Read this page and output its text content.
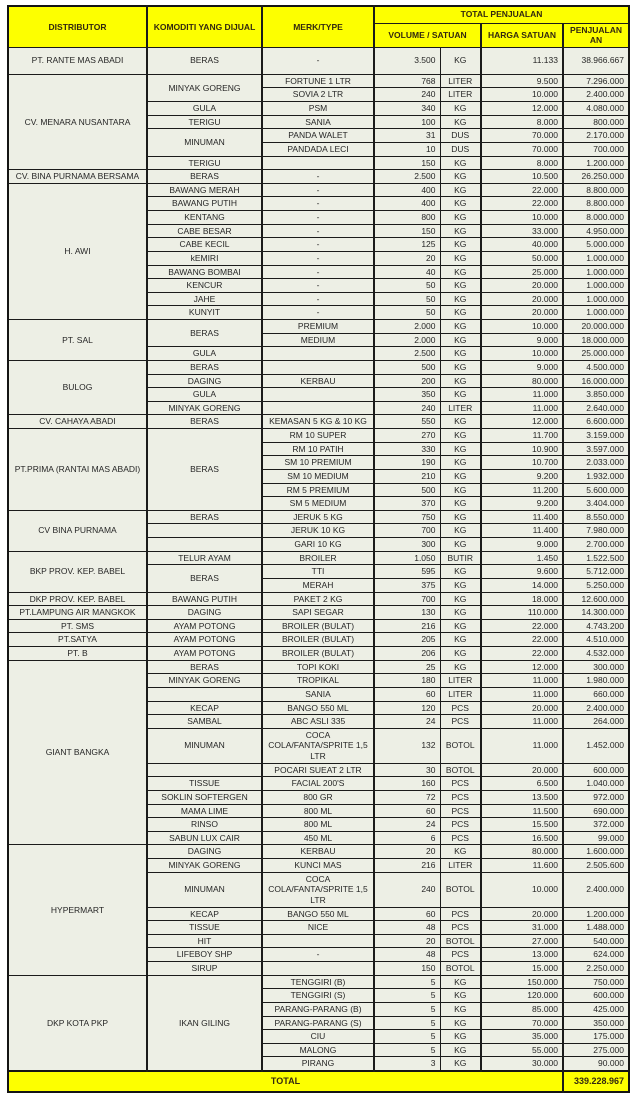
DISTRIBUTOR	KOMODITI YANG DIJUAL	MERK/TYPE	TOTAL PENJUALAN			
			VOLUME / SATUAN		HARGA SATUAN	PENJUALANAN
PT. RANTE MAS ABADI	BERAS	-	3.500	KG	11.133	38.966.667
CV. MENARA NUSANTARA	MINYAK GORENG	FORTUNE 1 LTR	768	LITER	9.500	7.296.000
		SOVIA 2 LTR	240	LITER	10.000	2.400.000
	GULA	PSM	340	KG	12.000	4.080.000
	TERIGU	SANIA	100	KG	8.000	800.000
	MINUMAN	PANDA WALET	31	DUS	70.000	2.170.000
		PANDADA LECI	10	DUS	70.000	700.000
	TERIGU		150	KG	8.000	1.200.000
CV. BINA PURNAMA BERSAMA	BERAS	-	2.500	KG	10.500	26.250.000
H. AWI	BAWANG MERAH	-	400	KG	22.000	8.800.000
	BAWANG PUTIH	-	400	KG	22.000	8.800.000
	KENTANG	-	800	KG	10.000	8.000.000
	CABE BESAR	-	150	KG	33.000	4.950.000
	CABE KECIL	-	125	KG	40.000	5.000.000
	kEMIRI	-	20	KG	50.000	1.000.000
	BAWANG BOMBAI	-	40	KG	25.000	1.000.000
	KENCUR	-	50	KG	20.000	1.000.000
	JAHE	-	50	KG	20.000	1.000.000
	KUNYIT	-	50	KG	20.000	1.000.000
PT. SAL	BERAS	PREMIUM	2.000	KG	10.000	20.000.000
		MEDIUM	2.000	KG	9.000	18.000.000
	GULA		2.500	KG	10.000	25.000.000
BULOG	BERAS		500	KG	9.000	4.500.000
	DAGING	KERBAU	200	KG	80.000	16.000.000
	GULA		350	KG	11.000	3.850.000
	MINYAK GORENG		240	LITER	11.000	2.640.000
CV. CAHAYA ABADI	BERAS	KEMASAN 5 KG & 10 KG	550	KG	12.000	6.600.000
PT.PRIMA (RANTAI MAS ABADI)	BERAS	RM 10 SUPER	270	KG	11.700	3.159.000
		RM 10 PATIH	330	KG	10.900	3.597.000
		SM 10 PREMIUM	190	KG	10.700	2.033.000
		SM 10 MEDIUM	210	KG	9.200	1.932.000
		RM 5 PREMIUM	500	KG	11.200	5.600.000
		SM 5 MEDIUM	370	KG	9.200	3.404.000
CV BINA PURNAMA	BERAS	JERUK 5 KG	750	KG	11.400	8.550.000
		JERUK 10 KG	700	KG	11.400	7.980.000
		GARI 10 KG	300	KG	9.000	2.700.000
BKP PROV. KEP. BABEL	TELUR AYAM	BROILER	1.050	BUTIR	1.450	1.522.500
	BERAS	TTI	595	KG	9.600	5.712.000
		MERAH	375	KG	14.000	5.250.000
DKP PROV. KEP. BABEL	BAWANG PUTIH	PAKET 2 KG	700	KG	18.000	12.600.000
PT.LAMPUNG AIR MANGKOK	DAGING	SAPI SEGAR	130	KG	110.000	14.300.000
PT. SMS	AYAM POTONG	BROILER (BULAT)	216	KG	22.000	4.743.200
PT.SATYA	AYAM POTONG	BROILER (BULAT)	205	KG	22.000	4.510.000
PT. B	AYAM POTONG	BROILER (BULAT)	206	KG	22.000	4.532.000
GIANT BANGKA	BERAS	TOPI KOKI	25	KG	12.000	300.000
	MINYAK GORENG	TROPIKAL	180	LITER	11.000	1.980.000
		SANIA	60	LITER	11.000	660.000
	KECAP	BANGO 550 ML	120	PCS	20.000	2.400.000
	SAMBAL	ABC ASLI 335	24	PCS	11.000	264.000
	MINUMAN	COCA COLA/FANTA/SPRITE 1,5 LTR	132	BOTOL	11.000	1.452.000
		POCARI SUEAT 2 LTR	30	BOTOL	20.000	600.000
	TISSUE	FACIAL 200'S	160	PCS	6.500	1.040.000
	SOKLIN SOFTERGEN	800 GR	72	PCS	13.500	972.000
	MAMA LIME	800 ML	60	PCS	11.500	690.000
	RINSO	800 ML	24	PCS	15.500	372.000
	SABUN LUX CAIR	450 ML	6	PCS	16.500	99.000
HYPERMART	DAGING	KERBAU	20	KG	80.000	1.600.000
	MINYAK GORENG	KUNCI MAS	216	LITER	11.600	2.505.600
	MINUMAN	COCA COLA/FANTA/SPRITE 1,5 LTR	240	BOTOL	10.000	2.400.000
	KECAP	BANGO 550 ML	60	PCS	20.000	1.200.000
	TISSUE	NICE	48	PCS	31.000	1.488.000
	HIT		20	BOTOL	27.000	540.000
	LIFEBOY SHP	-	48	PCS	13.000	624.000
	SIRUP		150	BOTOL	15.000	2.250.000
DKP KOTA PKP	IKAN GILING	TENGGIRI (B)	5	KG	150.000	750.000
		TENGGIRI (S)	5	KG	120.000	600.000
		PARANG-PARANG (B)	5	KG	85.000	425.000
		PARANG-PARANG (S)	5	KG	70.000	350.000
		CIU	5	KG	35.000	175.000
		MALONG	5	KG	55.000	275.000
		PIRANG	3	KG	30.000	90.000
TOTAL						339.228.967
